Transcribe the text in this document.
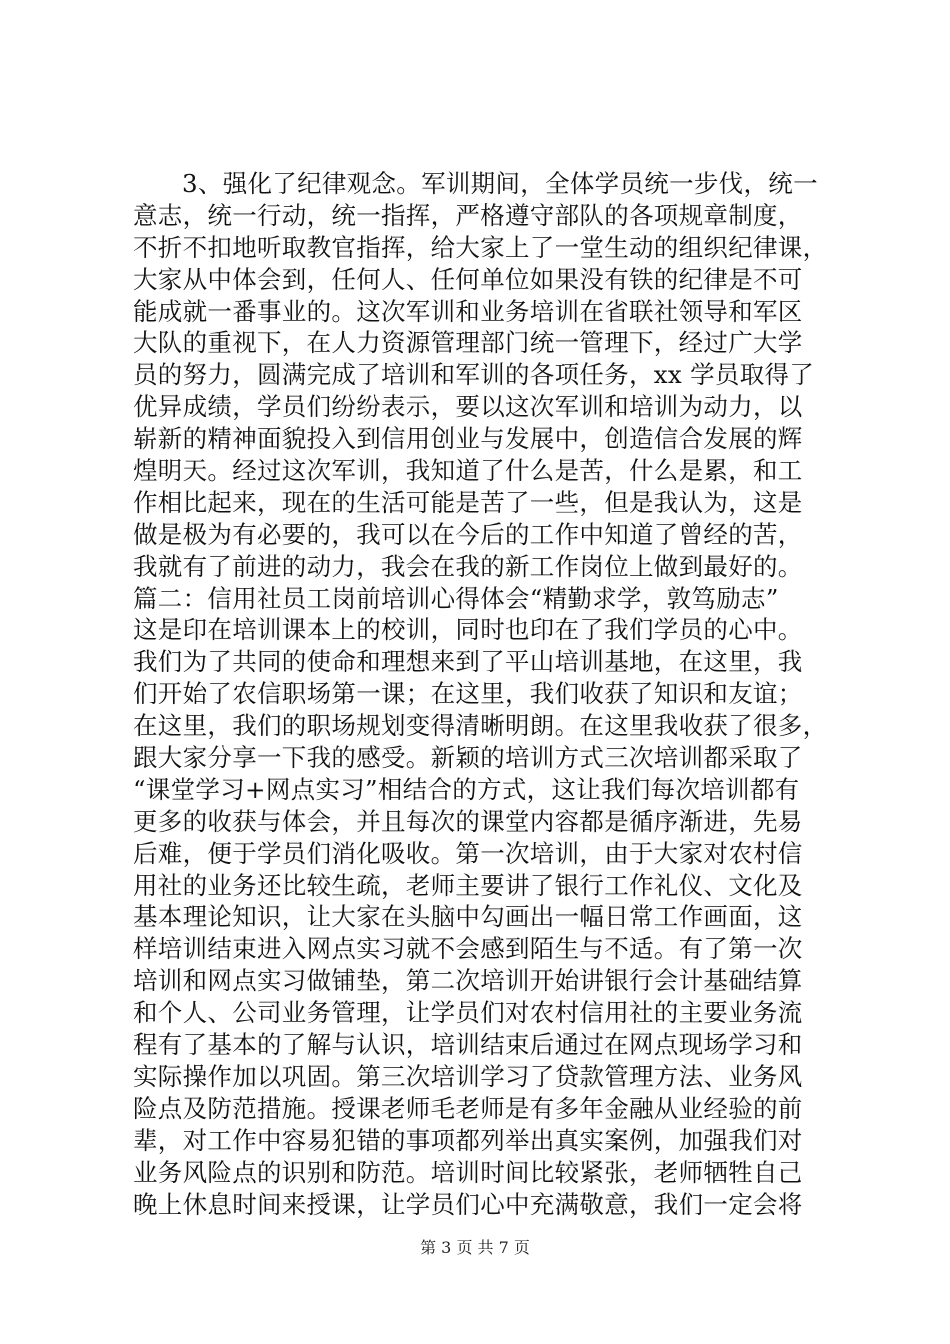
3、强化了纪律观念。军训期间，全体学员统一步伐，统一
意志，统一行动，统一指挥，严格遵守部队的各项规章制度，
不折不扣地听取教官指挥，给大家上了一堂生动的组织纪律课，
大家从中体会到，任何人、任何单位如果没有铁的纪律是不可
能成就一番事业的。这次军训和业务培训在省联社领导和军区
大队的重视下，在人力资源管理部门统一管理下，经过广大学
员的努力，圆满完成了培训和军训的各项任务，xx 学员取得了
优异成绩，学员们纷纷表示，要以这次军训和培训为动力，以
崭新的精神面貌投入到信用创业与发展中，创造信合发展的辉
煌明天。经过这次军训，我知道了什么是苦，什么是累，和工
作相比起来，现在的生活可能是苦了一些，但是我认为，这是
做是极为有必要的，我可以在今后的工作中知道了曾经的苦，
我就有了前进的动力，我会在我的新工作岗位上做到最好的。
篇二：信用社员工岗前培训心得体会“精勤求学，敦笃励志”
这是印在培训课本上的校训，同时也印在了我们学员的心中。
我们为了共同的使命和理想来到了平山培训基地，在这里，我
们开始了农信职场第一课；在这里，我们收获了知识和友谊；
在这里，我们的职场规划变得清晰明朗。在这里我收获了很多，
跟大家分享一下我的感受。新颖的培训方式三次培训都采取了
“课堂学习+网点实习”相结合的方式，这让我们每次培训都有
更多的收获与体会，并且每次的课堂内容都是循序渐进，先易
后难，便于学员们消化吸收。第一次培训，由于大家对农村信
用社的业务还比较生疏，老师主要讲了银行工作礼仪、文化及
基本理论知识，让大家在头脑中勾画出一幅日常工作画面，这
样培训结束进入网点实习就不会感到陌生与不适。有了第一次
培训和网点实习做铺垫，第二次培训开始讲银行会计基础结算
和个人、公司业务管理，让学员们对农村信用社的主要业务流
程有了基本的了解与认识，培训结束后通过在网点现场学习和
实际操作加以巩固。第三次培训学习了贷款管理方法、业务风
险点及防范措施。授课老师毛老师是有多年金融从业经验的前
辈，对工作中容易犯错的事项都列举出真实案例，加强我们对
业务风险点的识别和防范。培训时间比较紧张，老师牺牲自己
晚上休息时间来授课，让学员们心中充满敬意，我们一定会将
第 3 页 共 7 页
